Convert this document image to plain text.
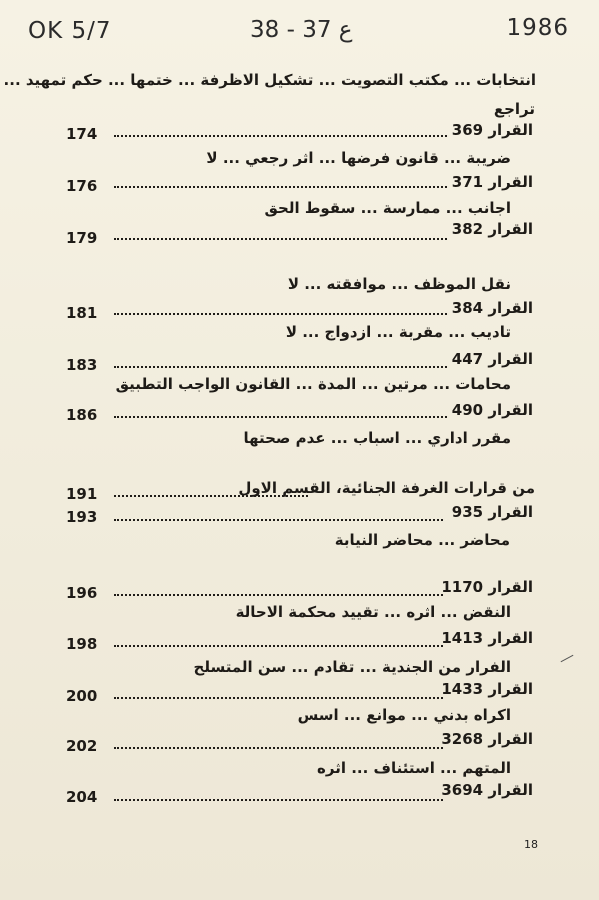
OK 5/7	38 - 37 ع	1986
انتخابات ... مكتب التصويت ... تشكيل الاظرفة ... ختمها ... حكم تمهيد ...
تراجع
القرار 369
174
ضريبة ... قانون فرضها ... اثر رجعي ... لا
القرار 371
176
اجانب ... ممارسة ... سقوط الحق
القرار 382
179
نقل الموظف ... موافقته ... لا
القرار 384
181
تاديب ... مقربة ... ازدواج ... لا
القرار 447
183
محامات ... مرتين ... المدة ... القانون الواجب التطبيق
القرار 490
186
مقرر اداري ... اسباب ... عدم صحتها
من قرارات الغرفة الجنائية، القسم الاول
191
القرار 935
193
محاضر ... محاضر النيابة
القرار 1170
196
النقض ... اثره ... تقييد محكمة الاحالة
القرار 1413
198
الفرار من الجندية ... تقادم ... سن المتسلح
القرار 1433
200
اكراه بدني ... موانع ... اسس
القرار 3268
202
المتهم ... استئناف ... اثره
القرار 3694
204
18
